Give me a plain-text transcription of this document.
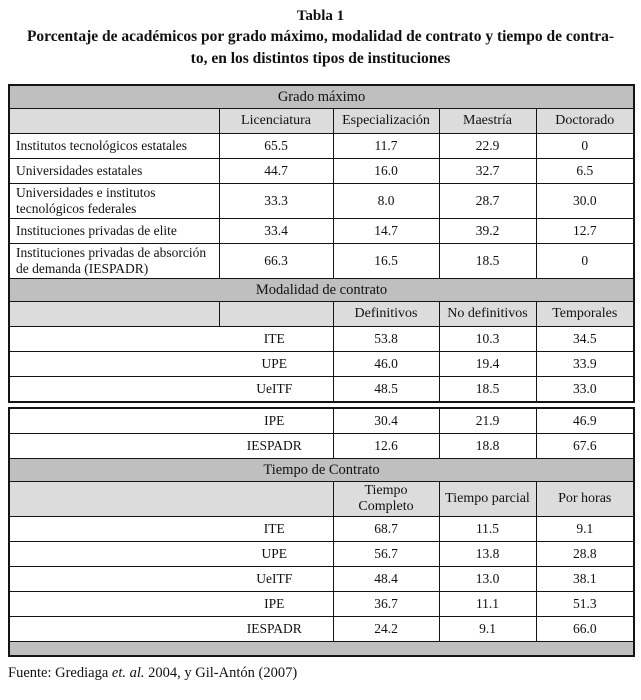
Tabla 1
Porcentaje de académicos por grado máximo, modalidad de contrato y tiempo de contra-
to, en los distintos tipos de instituciones
Grado máximo				
	Licenciatura	Especialización	Maestría	Doctorado
Institutos tecnológicos estatales	65.5	11.7	22.9	0
Universidades estatales	44.7	16.0	32.7	6.5
Universidades e institutos tecnológicos federales	33.3	8.0	28.7	30.0
Instituciones privadas de elite	33.4	14.7	39.2	12.7
Instituciones privadas de absorción de demanda (IESPADR)	66.3	16.5	18.5	0
Modalidad de contrato				
		Definitivos	No definitivos	Temporales
ITE		53.8	10.3	34.5
UPE		46.0	19.4	33.9
UeITF		48.5	18.5	33.0
IPE	30.4	21.9	46.9
IESPADR	12.6	18.8	67.6
Tiempo de Contrato			
	Tiempo Completo	Tiempo parcial	Por horas
ITE	68.7	11.5	9.1
UPE	56.7	13.8	28.8
UeITF	48.4	13.0	38.1
IPE	36.7	11.1	51.3
IESPADR	24.2	9.1	66.0

Fuente: Grediaga et. al. 2004, y Gil-Antón (2007)
